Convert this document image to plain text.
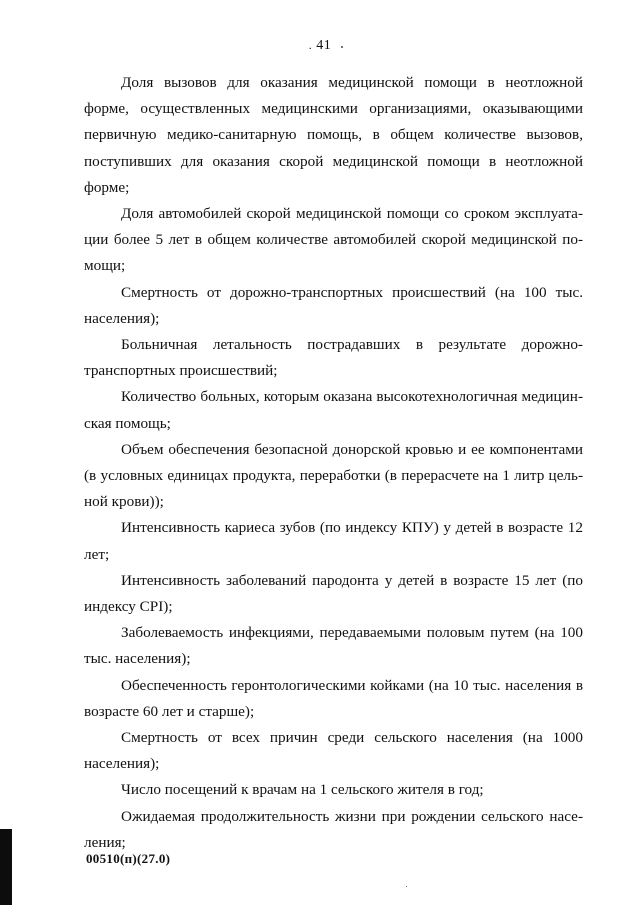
. 41

Доля вызовов для оказания медицинской помощи в неотложной форме, осуществленных медицинскими организациями, оказывающими первичную медико-санитарную помощь, в общем количестве вызовов, поступивших для оказания скорой медицинской помощи в неотложной форме;

Доля автомобилей скорой медицинской помощи со сроком эксплуатации более 5 лет в общем количестве автомобилей скорой медицинской помощи;

Смертность от дорожно-транспортных происшествий (на 100 тыс. населения);

Больничная летальность пострадавших в результате дорожно-транспортных происшествий;

Количество больных, которым оказана высокотехнологичная медицинская помощь;

Объем обеспечения безопасной донорской кровью и ее компонентами (в условных единицах продукта, переработки (в перерасчете на 1 литр цельной крови));

Интенсивность кариеса зубов (по индексу КПУ) у детей в возрасте 12 лет;

Интенсивность заболеваний пародонта у детей в возрасте 15 лет (по индексу CPI);

Заболеваемость инфекциями, передаваемыми половым путем (на 100 тыс. населения);

Обеспеченность геронтологическими койками (на 10 тыс. населения в возрасте 60 лет и старше);

Смертность от всех причин среди сельского населения (на 1000 населения);

Число посещений к врачам на 1 сельского жителя в год;

Ожидаемая продолжительность жизни при рождении сельского населения;

00510(п)(27.0)
